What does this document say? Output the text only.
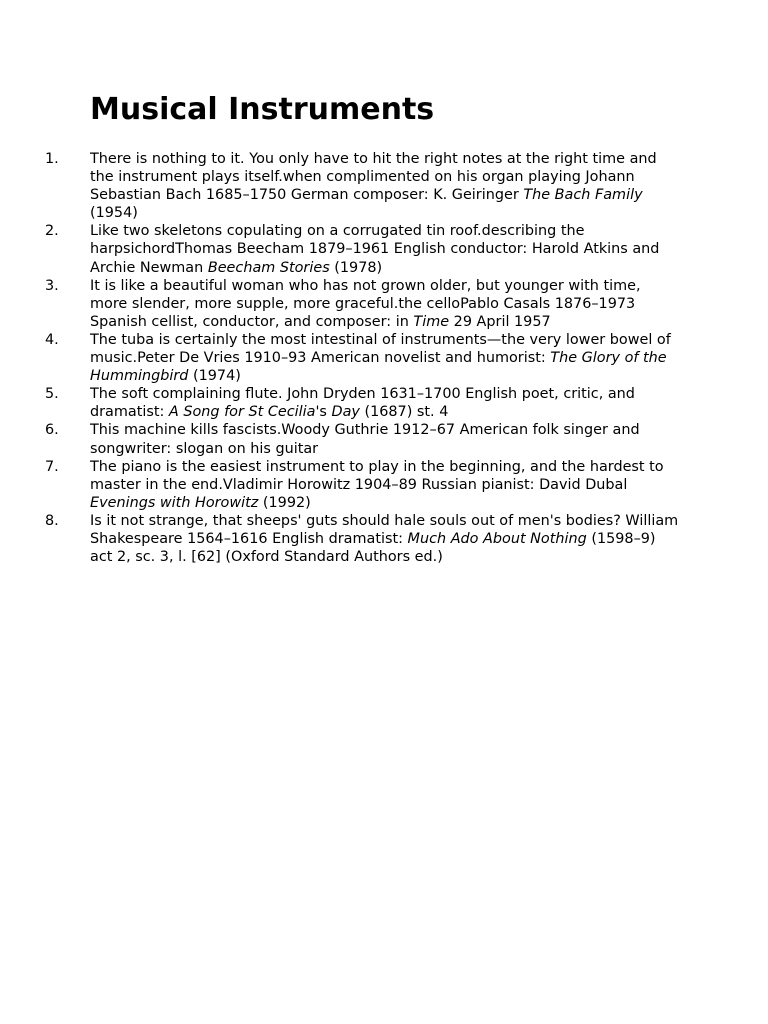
Musical Instruments
1. There is nothing to it. You only have to hit the right notes at the right time and the instrument plays itself.when complimented on his organ playing Johann Sebastian Bach 1685–1750 German composer: K. Geiringer The Bach Family (1954)
2. Like two skeletons copulating on a corrugated tin roof.describing the harpsichordThomas Beecham 1879–1961 English conductor: Harold Atkins and Archie Newman Beecham Stories (1978)
3. It is like a beautiful woman who has not grown older, but younger with time, more slender, more supple, more graceful.the celloPablo Casals 1876–1973 Spanish cellist, conductor, and composer: in Time 29 April 1957
4. The tuba is certainly the most intestinal of instruments—the very lower bowel of music.Peter De Vries 1910–93 American novelist and humorist: The Glory of the Hummingbird (1974)
5. The soft complaining flute. John Dryden 1631–1700 English poet, critic, and dramatist: A Song for St Cecilia's Day (1687) st. 4
6. This machine kills fascists.Woody Guthrie 1912–67 American folk singer and songwriter: slogan on his guitar
7. The piano is the easiest instrument to play in the beginning, and the hardest to master in the end.Vladimir Horowitz 1904–89 Russian pianist: David Dubal Evenings with Horowitz (1992)
8. Is it not strange, that sheeps' guts should hale souls out of men's bodies? William Shakespeare 1564–1616 English dramatist: Much Ado About Nothing (1598–9) act 2, sc. 3, l. [62] (Oxford Standard Authors ed.)
